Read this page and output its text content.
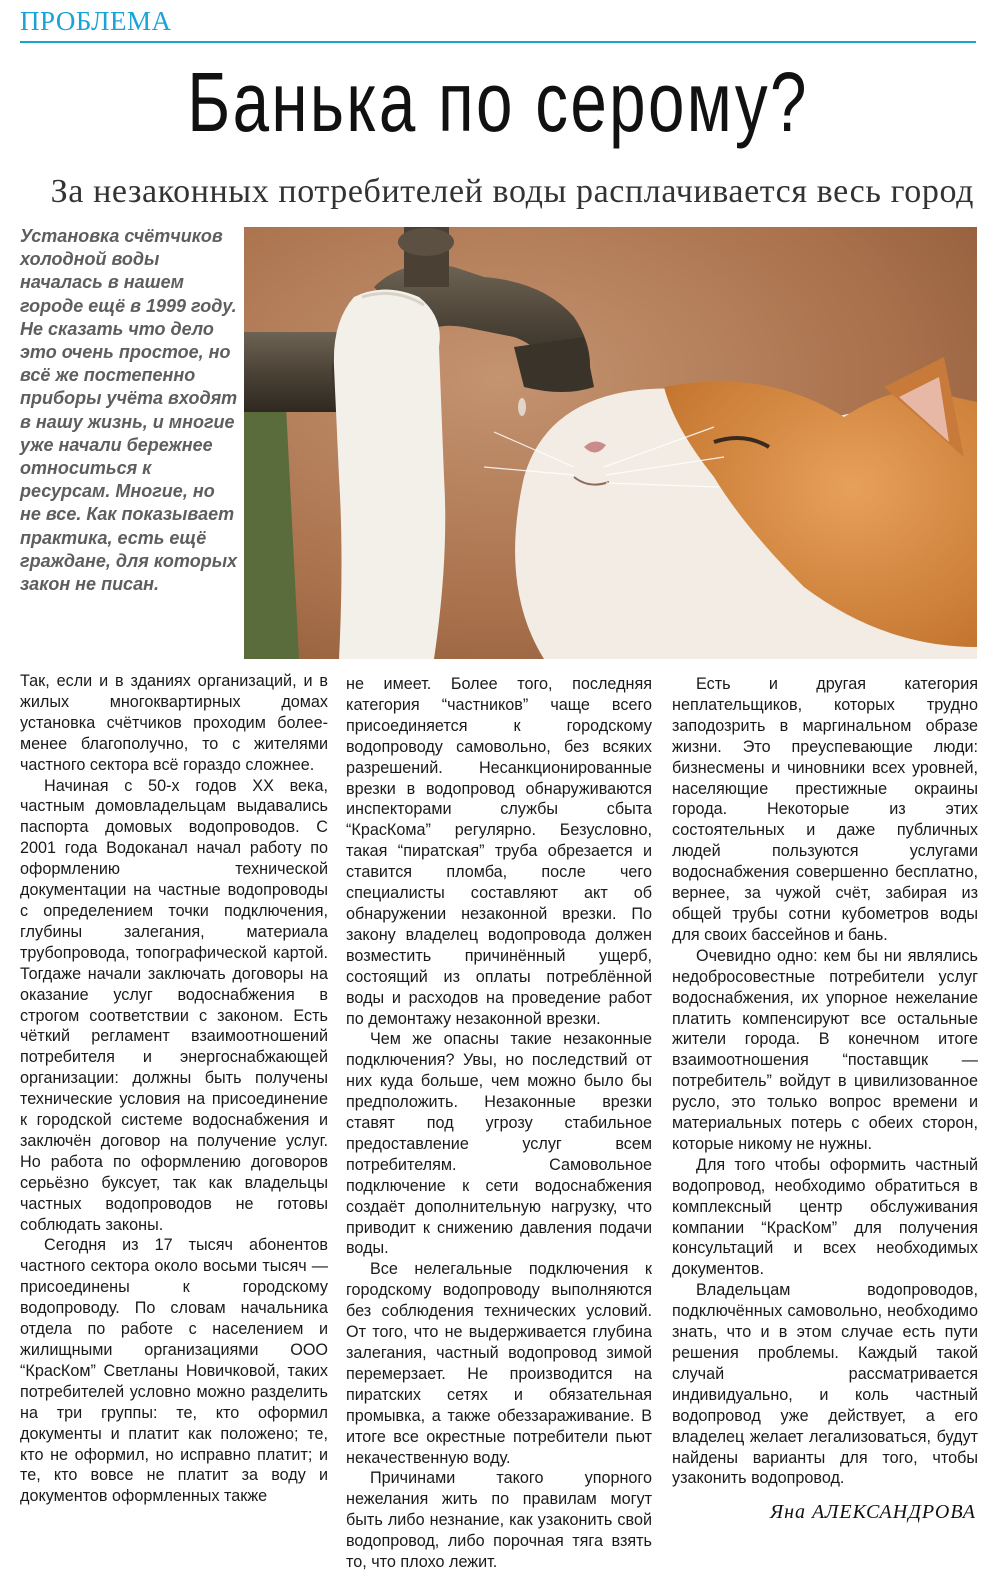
ПРОБЛЕМА
Банька по серому?
За незаконных потребителей воды расплачивается весь город
Установка счётчиков холодной воды началась в нашем городе ещё в 1999 году. Не сказать что дело это очень простое, но всё же постепенно приборы учёта входят в нашу жизнь, и многие уже начали бережнее относиться к ресурсам. Многие, но не все. Как показывает практика, есть ещё граждане, для которых закон не писан.

Так, если и в зданиях организаций, и в жилых многоквартирных домах установка счётчиков проходим более-менее благополучно, то с жителями частного сектора всё гораздо сложнее.

Начиная с 50-х годов XX века, частным домовладельцам выдавались паспорта домовых водопроводов. С 2001 года Водоканал начал работу по оформлению технической документации на частные водопроводы с определением точки подключения, глубины залегания, материала трубопровода, топографической картой. Тогдаже начали заключать договоры на оказание услуг водоснабжения в строгом соответствии с законом. Есть чёткий регламент взаимоотношений потребителя и энергоснабжающей организации: должны быть получены технические условия на присоединение к городской системе водоснабжения и заключён договор на получение услуг. Но работа по оформлению договоров серьёзно буксует, так как владельцы частных водопроводов не готовы соблюдать законы.

Сегодня из 17 тысяч абонентов частного сектора около восьми тысяч — присоединены к городскому водопроводу. По словам начальника отдела по работе с населением и жилищными организациями ООО “КрасКом” Светланы Новичковой, таких потребителей условно можно разделить на три группы: те, кто оформил документы и платит как положено; те, кто не оформил, но исправно платит; и те, кто вовсе не платит за воду и документов оформленных также

не имеет. Более того, последняя категория “частников” чаще всего присоединяется к городскому водопроводу самовольно, без всяких разрешений. Несанкционированные врезки в водопровод обнаруживаются инспекторами службы сбыта “КрасКома” регулярно. Безусловно, такая “пиратская” труба обрезается и ставится пломба, после чего специалисты составляют акт об обнаружении незаконной врезки. По закону владелец водопровода должен возместить причинённый ущерб, состоящий из оплаты потреблённой воды и расходов на проведение работ по демонтажу незаконной врезки.

Чем же опасны такие незаконные подключения? Увы, но последствий от них куда больше, чем можно было бы предположить. Незаконные врезки ставят под угрозу стабильное предоставление услуг всем потребителям. Самовольное подключение к сети водоснабжения создаёт дополнительную нагрузку, что приводит к снижению давления подачи воды.

Все нелегальные подключения к городскому водопроводу выполняются без соблюдения технических условий. От того, что не выдерживается глубина залегания, частный водопровод зимой перемерзает. Не производится на пиратских сетях и обязательная промывка, а также обеззараживание. В итоге все окрестные потребители пьют некачественную воду.

Причинами такого упорного нежелания жить по правилам могут быть либо незнание, как узаконить свой водопровод, либо порочная тяга взять то, что плохо лежит.

Есть и другая категория неплательщиков, которых трудно заподозрить в маргинальном образе жизни. Это преуспевающие люди: бизнесмены и чиновники всех уровней, населяющие престижные окраины города. Некоторые из этих состоятельных и даже публичных людей пользуются услугами водоснабжения совершенно бесплатно, вернее, за чужой счёт, забирая из общей трубы сотни кубометров воды для своих бассейнов и бань.

Очевидно одно: кем бы ни являлись недобросовестные потребители услуг водоснабжения, их упорное нежелание платить компенсируют все остальные жители города. В конечном итоге взаимоотношения “поставщик — потребитель” войдут в цивилизованное русло, это только вопрос времени и материальных потерь с обеих сторон, которые никому не нужны.

Для того чтобы оформить частный водопровод, необходимо обратиться в комплексный центр обслуживания компании “КрасКом” для получения консультаций и всех необходимых документов.

Владельцам водопроводов, подключённых самовольно, необходимо знать, что и в этом случае есть пути решения проблемы. Каждый такой случай рассматривается индивидуально, и коль частный водопровод уже действует, а его владелец желает легализоваться, будут найдены варианты для того, чтобы узаконить водопровод.

Яна АЛЕКСАНДРОВА
